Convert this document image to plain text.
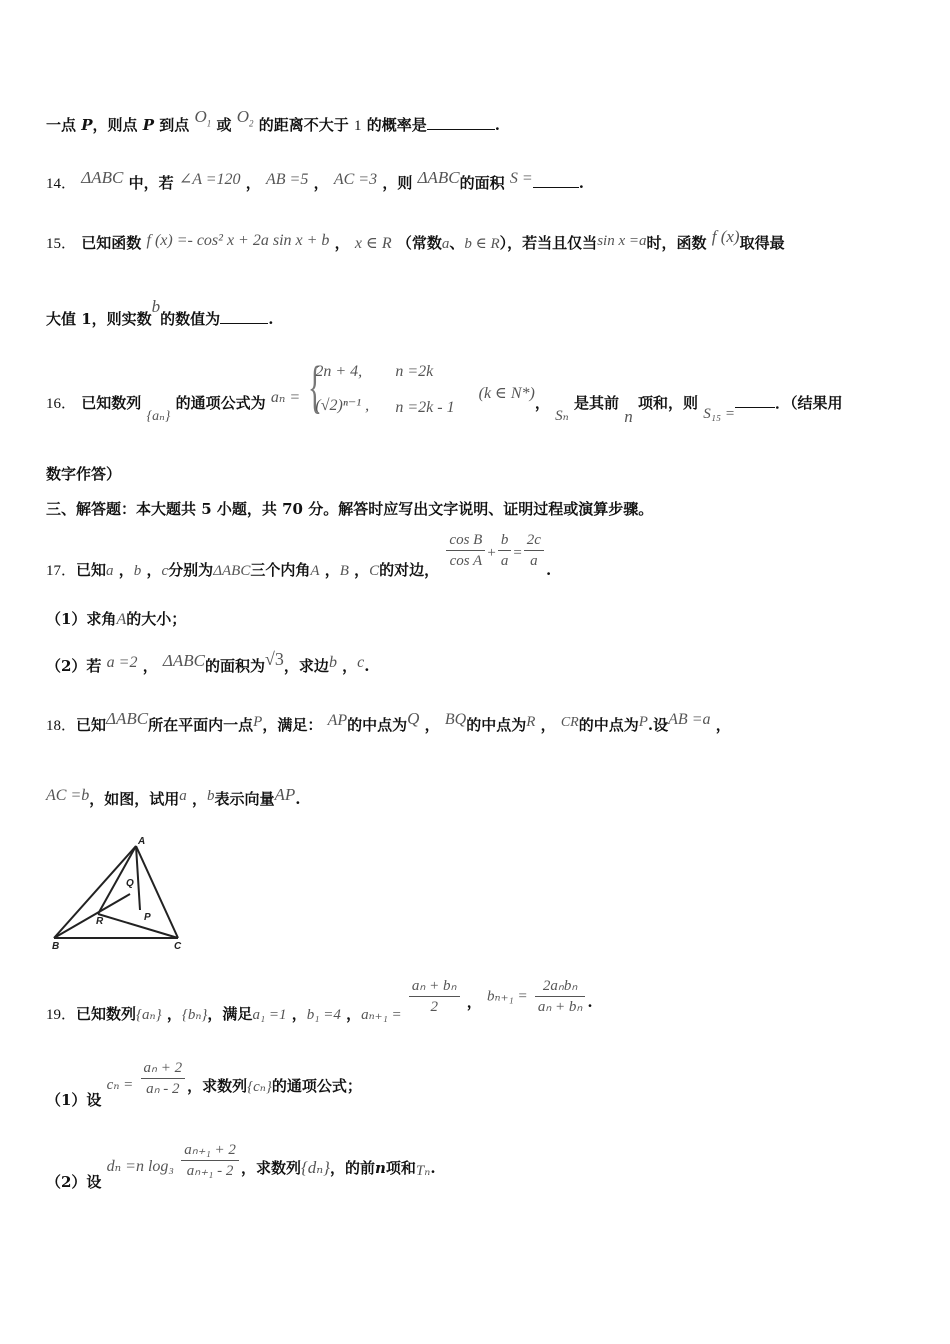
一点 P，则点 P 到点 $O_1$ 或 $O_2$ 的距离不大于 1 的概率是	.
14． ΔABC 中，若 ∠A =120 ， AB =5 ， AC =3 ，则 ΔABC的面积 S =	.
15． 已知函数 f (x) =- cos² x + 2a sin x + b ， x ∈ R （常数a、b ∈ R），若当且仅当sin x =a时，函数 f (x)取得最
大值 1，则实数b的数值为	.
16． 已知数列 {aₙ} 的通项公式为 aₙ = {
2n + 4, n =2k
(√2)ⁿ⁻¹ , n =2k - 1
(k ∈ N*)， Sₙ 是其前 n 项和，则 S₁₅ =．（结果用
数字作答）
三、解答题：本大题共 5 小题，共 70 分。解答时应写出文字说明、证明过程或演算步骤。
17．已知a ，b ，c分别为ΔABC三个内角A ，B ，C的对边， $\frac{\text{cos B}}{\text{cos A}} + \frac{b}{a} = \frac{2c}{a}$ .
（1）求角A的大小；
（2）若 a =2 ， ΔABC的面积为√3，求边b ，c.
18．已知ΔABC所在平面内一点P，满足： AP的中点为Q ， BQ的中点为R ， CR的中点为P.设AB =a ，
AC =b，如图，试用a ，b表示向量AP.
A
B	C
Q
R	P
19．已知数列{aₙ} ，{bₙ}，满足a₁ =1 ，b₁ =4 ，$a_{n+1} = \frac{\text{aₙ + bₙ}}{2}$ ， $b_{n+1} = \frac{\text{2aₙbₙ}}{\text{aₙ + bₙ}}$ .
（1）设 $c_n = \frac{\text{aₙ + 2}}{\text{aₙ - 2}}$ ，求数列{cₙ}的通项公式；
（2）设 dₙ =n $\log_3 \frac{\text{aₙ₊₁ + 2}}{\text{aₙ₊₁ - 2}}$ ，求数列{dₙ}，的前n项和Tₙ.
